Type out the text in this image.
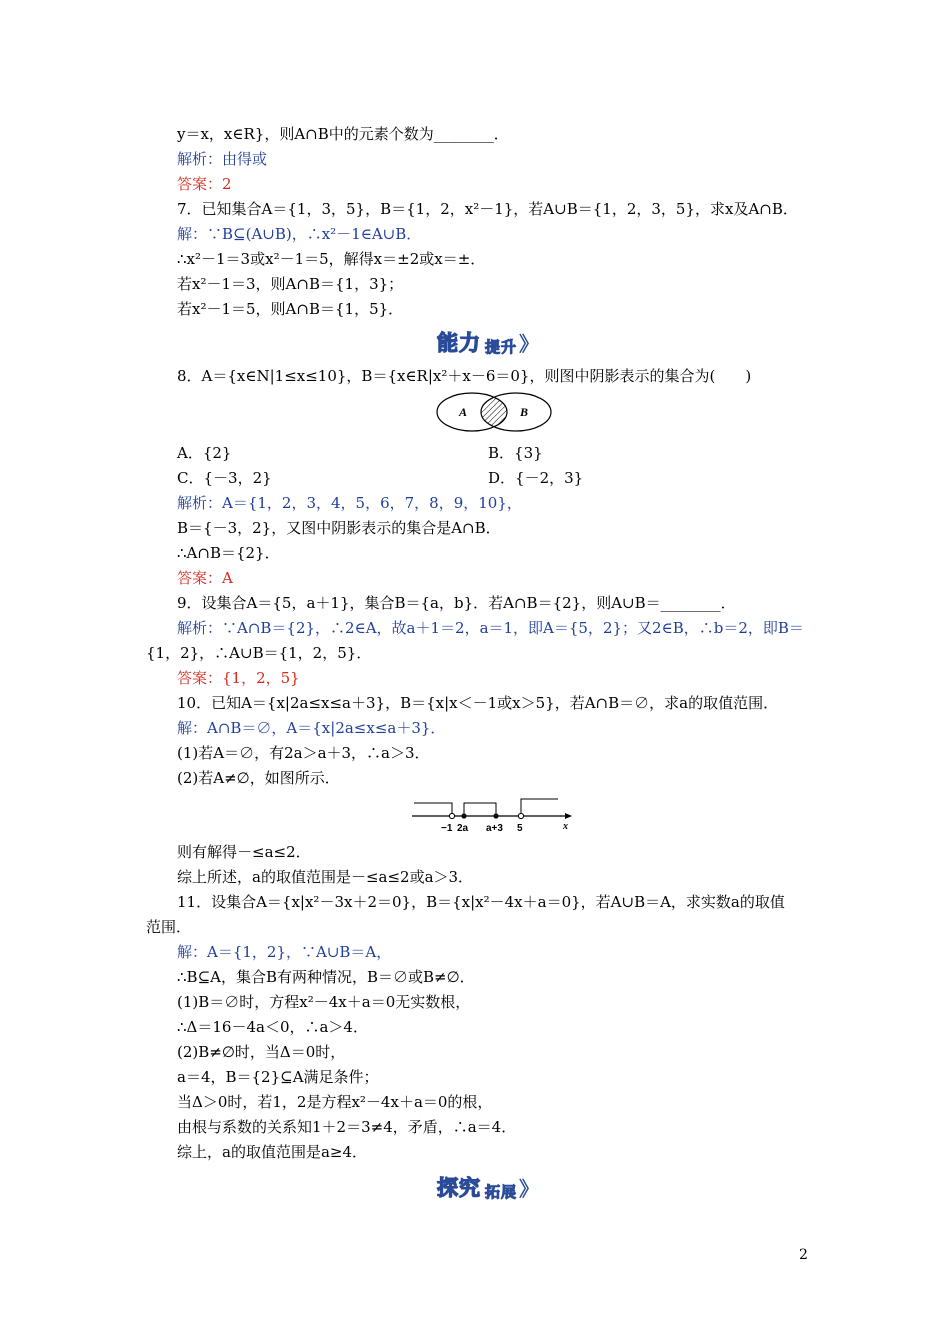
y＝x，x∈R}，则A∩B中的元素个数为________．
解析：由得或
答案：2
7．已知集合A＝{1，3，5}，B＝{1，2，x²－1}，若A∪B＝{1，2，3，5}，求x及A∩B．
解：∵B⊆(A∪B)，∴x²－1∈A∪B．
∴x²－1＝3或x²－1＝5，解得x＝±2或x＝±．
若x²－1＝3，则A∩B＝{1，3}；
若x²－1＝5，则A∩B＝{1，5}．
8．A＝{x∈N|1≤x≤10}，B＝{x∈R|x²＋x－6＝0}，则图中阴影表示的集合为(　　)
A．{2}	B．{3}
C．{－3，2}	D．{－2，3}
解析：A＝{1，2，3，4，5，6，7，8，9，10}，
B＝{－3，2}，又图中阴影表示的集合是A∩B．
∴A∩B＝{2}．
答案：A
9．设集合A＝{5，a＋1}，集合B＝{a，b}．若A∩B＝{2}，则A∪B＝________．
解析：∵A∩B＝{2}，∴2∈A，故a＋1＝2，a＝1，即A＝{5，2}；又2∈B，∴b＝2，即B＝
{1，2}，∴A∪B＝{1，2，5}．
答案：{1，2，5}
10．已知A＝{x|2a≤x≤a＋3}，B＝{x|x＜－1或x＞5}，若A∩B＝∅，求a的取值范围．
解：A∩B＝∅，A＝{x|2a≤x≤a＋3}．
(1)若A＝∅，有2a＞a＋3，∴a＞3．
(2)若A≠∅，如图所示．
则有解得－≤a≤2．
综上所述，a的取值范围是－≤a≤2或a＞3．
11．设集合A＝{x|x²－3x＋2＝0}，B＝{x|x²－4x＋a＝0}，若A∪B＝A，求实数a的取值
范围．
解：A＝{1，2}，∵A∪B＝A，
∴B⊆A，集合B有两种情况，B＝∅或B≠∅．
(1)B＝∅时，方程x²－4x＋a＝0无实数根，
∴Δ＝16－4a＜0，∴a＞4．
(2)B≠∅时，当Δ＝0时，
a＝4，B＝{2}⊆A满足条件；
当Δ＞0时，若1，2是方程x²－4x＋a＝0的根，
由根与系数的关系知1＋2＝3≠4，矛盾，∴a＝4．
综上，a的取值范围是a≥4．
能力 提升 》
A	B
−1 2a a+3 5	x
探究 拓展 》
2
